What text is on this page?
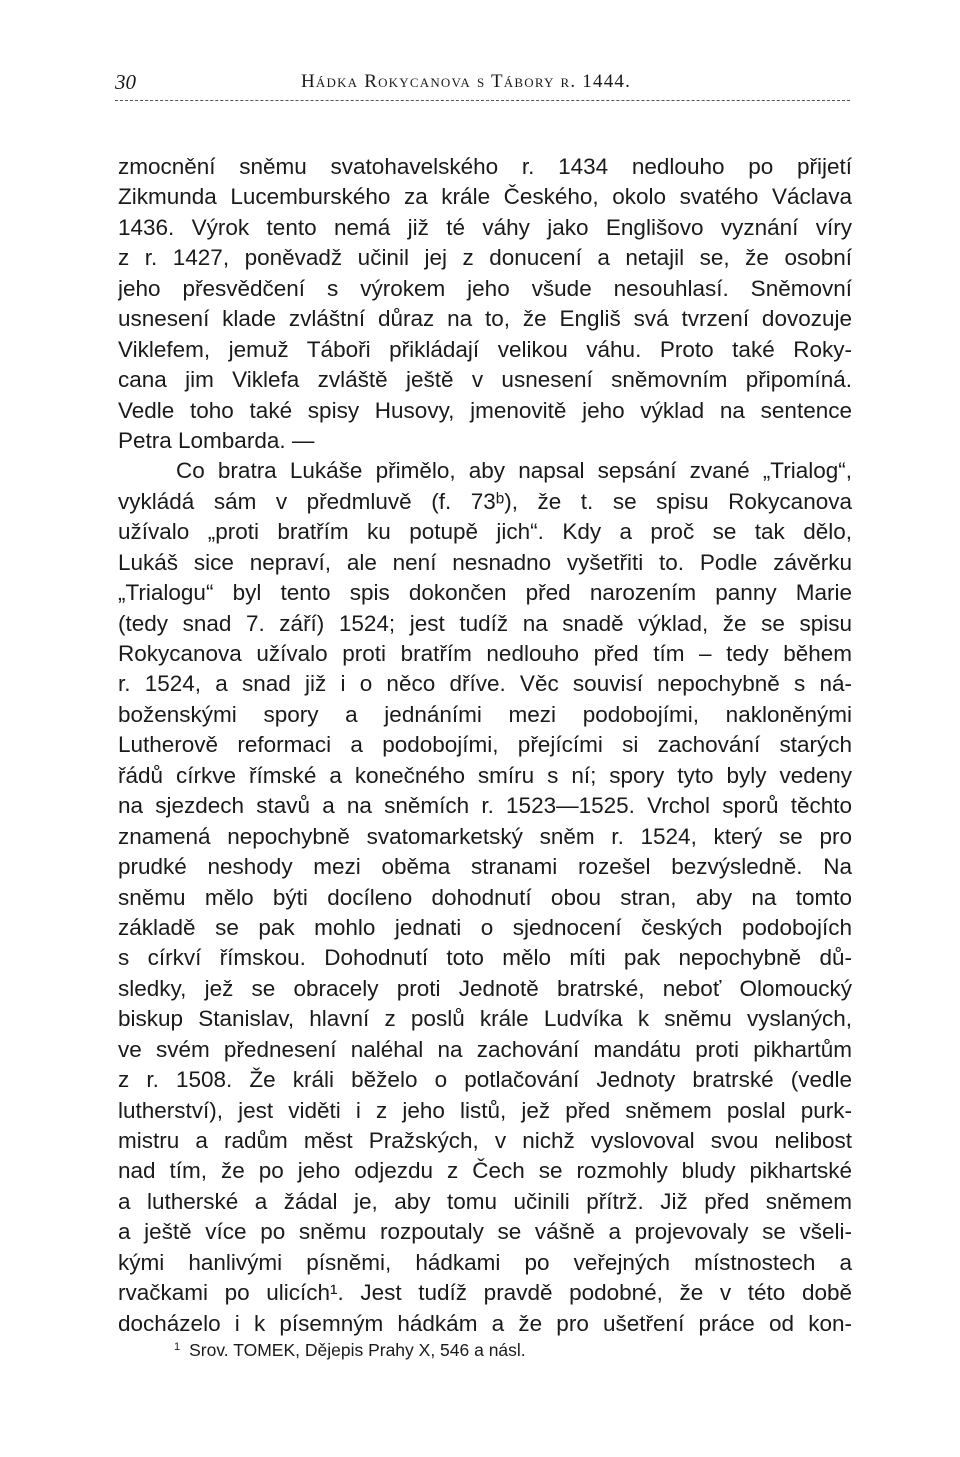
30	Hádka Rokycanova s Tábory r. 1444.
zmocnění sněmu svatohavelského r. 1434 nedlouho po přijetí
Zikmunda Lucemburského za krále Českého, okolo svatého Václava
1436. Výrok tento nemá již té váhy jako Englišovo vyznání víry
z r. 1427, poněvadž učinil jej z donucení a netajil se, že osobní
jeho přesvědčení s výrokem jeho všude nesouhlasí. Sněmovní
usnesení klade zvláštní důraz na to, že Engliš svá tvrzení dovozuje
Viklefem, jemuž Táboři přikládají velikou váhu. Proto také Roky-
cana jim Viklefa zvláště ještě v usnesení sněmovním připomíná.
Vedle toho také spisy Husovy, jmenovitě jeho výklad na sentence
Petra Lombarda. —
Co bratra Lukáše přimělo, aby napsal sepsání zvané „Trialog“,
vykládá sám v předmluvě (f. 73ᵇ), že t. se spisu Rokycanova
užívalo „proti bratřím ku potupě jich“. Kdy a proč se tak dělo,
Lukáš sice nepraví, ale není nesnadno vyšetřiti to. Podle závěrku
„Trialogu“ byl tento spis dokončen před narozením panny Marie
(tedy snad 7. září) 1524; jest tudíž na snadě výklad, že se spisu
Rokycanova užívalo proti bratřím nedlouho před tím – tedy během
r. 1524, a snad již i o něco dříve. Věc souvisí nepochybně s ná-
boženskými spory a jednáními mezi podobojími, nakloněnými
Lutherově reformaci a podobojími, přejícími si zachování starých
řádů církve římské a konečného smíru s ní; spory tyto byly vedeny
na sjezdech stavů a na sněmích r. 1523—1525. Vrchol sporů těchto
znamená nepochybně svatomarketský sněm r. 1524, který se pro
prudké neshody mezi oběma stranami rozešel bezvýsledně. Na
sněmu mělo býti docíleno dohodnutí obou stran, aby na tomto
základě se pak mohlo jednati o sjednocení českých podobojích
s církví římskou. Dohodnutí toto mělo míti pak nepochybně dů-
sledky, jež se obracely proti Jednotě bratrské, neboť Olomoucký
biskup Stanislav, hlavní z poslů krále Ludvíka k sněmu vyslaných,
ve svém přednesení naléhal na zachování mandátu proti pikhartům
z r. 1508. Že králi běželo o potlačování Jednoty bratrské (vedle
lutherství), jest viděti i z jeho listů, jež před sněmem poslal purk-
mistru a radům měst Pražských, v nichž vyslovoval svou nelibost
nad tím, že po jeho odjezdu z Čech se rozmohly bludy pikhartské
a lutherské a žádal je, aby tomu učinili přítrž. Již před sněmem
a ještě více po sněmu rozpoutaly se vášně a projevovaly se všeli-
kými hanlivými písněmi, hádkami po veřejných místnostech a
rvačkami po ulicích¹. Jest tudíž pravdě podobné, že v této době
docházelo i k písemným hádkám a že pro ušetření práce od kon-
$^1$ Srov. TOMEK, Dějepis Prahy X, 546 a násl.
